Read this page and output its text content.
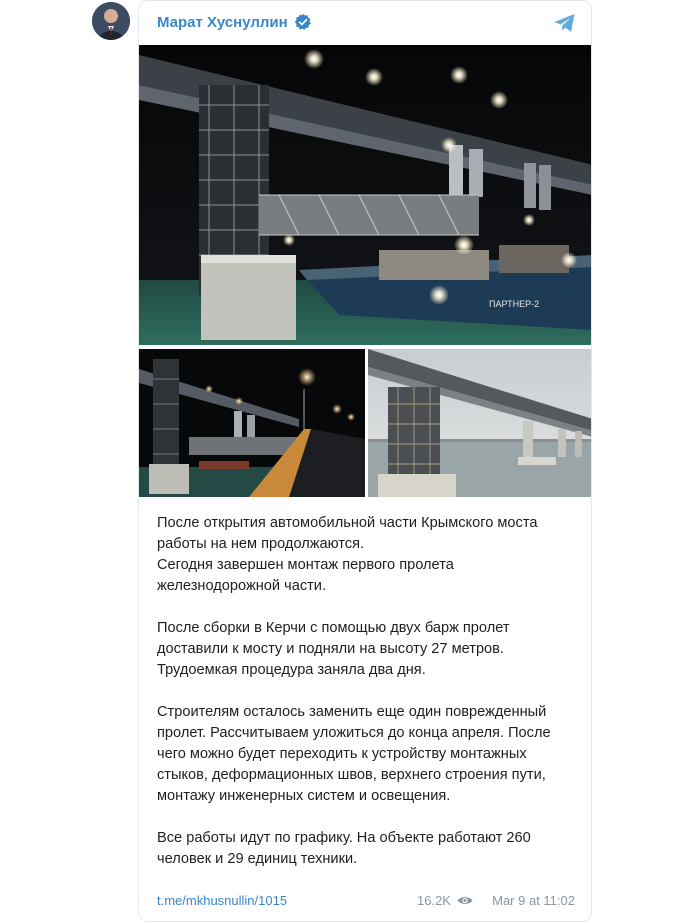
Марат Хуснуллин
ПАРТНЕР-2

После открытия автомобильной части Крымского моста работы на нем продолжаются.
Сегодня завершен монтаж первого пролета железнодорожной части.

После сборки в Керчи с помощью двух барж пролет доставили к мосту и подняли на высоту 27 метров. Трудоемкая процедура заняла два дня.

Строителям осталось заменить еще один поврежденный пролет. Рассчитываем уложиться до конца апреля. После чего можно будет переходить к устройству монтажных стыков, деформационных швов, верхнего строения пути, монтажу инженерных систем и освещения.

Все работы идут по графику. На объекте работают 260 человек и 29 единиц техники.

t.me/mkhusnullin/1015	16.2K	Mar 9 at 11:02
